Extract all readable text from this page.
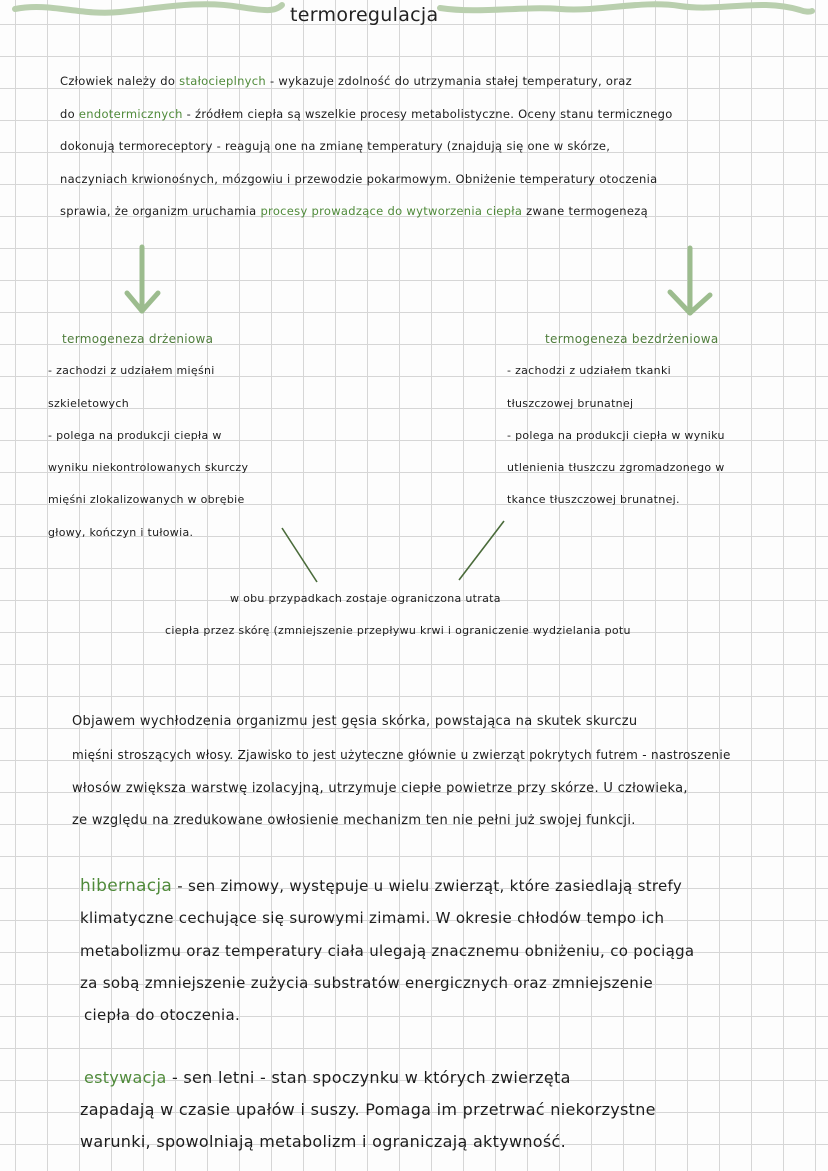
termoregulacja
Człowiek należy do stałocieplnych - wykazuje zdolność do utrzymania stałej temperatury, oraz
do endotermicznych - źródłem ciepła są wszelkie procesy metabolistyczne. Oceny stanu termicznego
dokonują termoreceptory - reagują one na zmianę temperatury (znajdują się one w skórze,
naczyniach krwionośnych, mózgowiu i przewodzie pokarmowym. Obniżenie temperatury otoczenia
sprawia, że organizm uruchamia procesy prowadzące do wytworzenia ciepła zwane termogenezą
termogeneza drżeniowa
- zachodzi z udziałem mięśni
szkieletowych
- polega na produkcji ciepła w
wyniku niekontrolowanych skurczy
mięśni zlokalizowanych w obrębie
głowy, kończyn i tułowia.
termogeneza bezdrżeniowa
- zachodzi z udziałem tkanki
tłuszczowej brunatnej
- polega na produkcji ciepła w wyniku
utlenienia tłuszczu zgromadzonego w
tkance tłuszczowej brunatnej.
w obu przypadkach zostaje ograniczona utrata
ciepła przez skórę (zmniejszenie przepływu krwi i ograniczenie wydzielania potu
Objawem wychłodzenia organizmu jest gęsia skórka, powstająca na skutek skurczu
mięśni stroszących włosy. Zjawisko to jest użyteczne głównie u zwierząt pokrytych futrem - nastroszenie
włosów zwiększa warstwę izolacyjną, utrzymuje ciepłe powietrze przy skórze. U człowieka,
ze względu na zredukowane owłosienie mechanizm ten nie pełni już swojej funkcji.
hibernacja - sen zimowy, występuje u wielu zwierząt, które zasiedlają strefy
klimatyczne cechujące się surowymi zimami. W okresie chłodów tempo ich
metabolizmu oraz temperatury ciała ulegają znacznemu obniżeniu, co pociąga
za sobą zmniejszenie zużycia substratów energicznych oraz zmniejszenie
ciepła do otoczenia.
estywacja - sen letni - stan spoczynku w których zwierzęta
zapadają w czasie upałów i suszy. Pomaga im przetrwać niekorzystne
warunki, spowolniają metabolizm i ograniczają aktywność.
